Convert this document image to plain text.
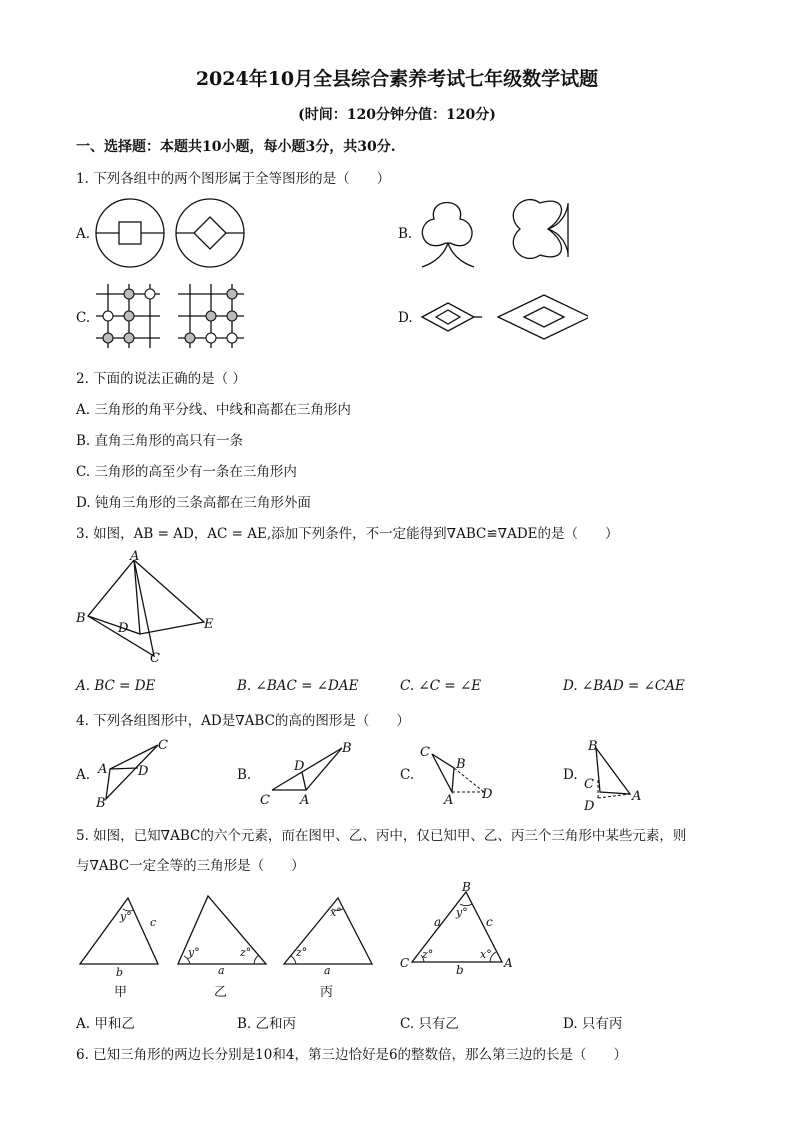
2024年10月全县综合素养考试七年级数学试题
(时间：120分钟分值：120分)
一、选择题：本题共10小题，每小题3分，共30分.
1. 下列各组中的两个图形属于全等图形的是（　　）
A.	B.
C.	D.
2. 下面的说法正确的是（ ）
A. 三角形的角平分线、中线和高都在三角形内
B. 直角三角形的高只有一条
C. 三角形的高至少有一条在三角形内
D. 钝角三角形的三条高都在三角形外面
3. 如图，AB = AD，AC = AE,添加下列条件，不一定能得到∇ABC≌∇ADE的是（　　）
A
B
D
C
E
A. BC = DE	B. ∠BAC = ∠DAE	C. ∠C = ∠E	D. ∠BAD = ∠CAE
4. 下列各组图形中，AD是∇ABC的高的图形是（　　）
A.	B.	C.	D.
C
A D
B
B
D
C A
C
B
A D
B
C
D
A
5. 如图，已知∇ABC的六个元素，而在图甲、乙、丙中，仅已知甲、乙、丙三个三角形中某些元素，则
与∇ABC一定全等的三角形是（　　）
y° c
b
y°	z°
a
z°
x°
a
甲	乙	丙
B
C	A
a	c
b
y°
z°	x°
A. 甲和乙	B. 乙和丙	C. 只有乙	D. 只有丙
6. 已知三角形的两边长分别是10和4，第三边恰好是6的整数倍，那么第三边的长是（　　）
